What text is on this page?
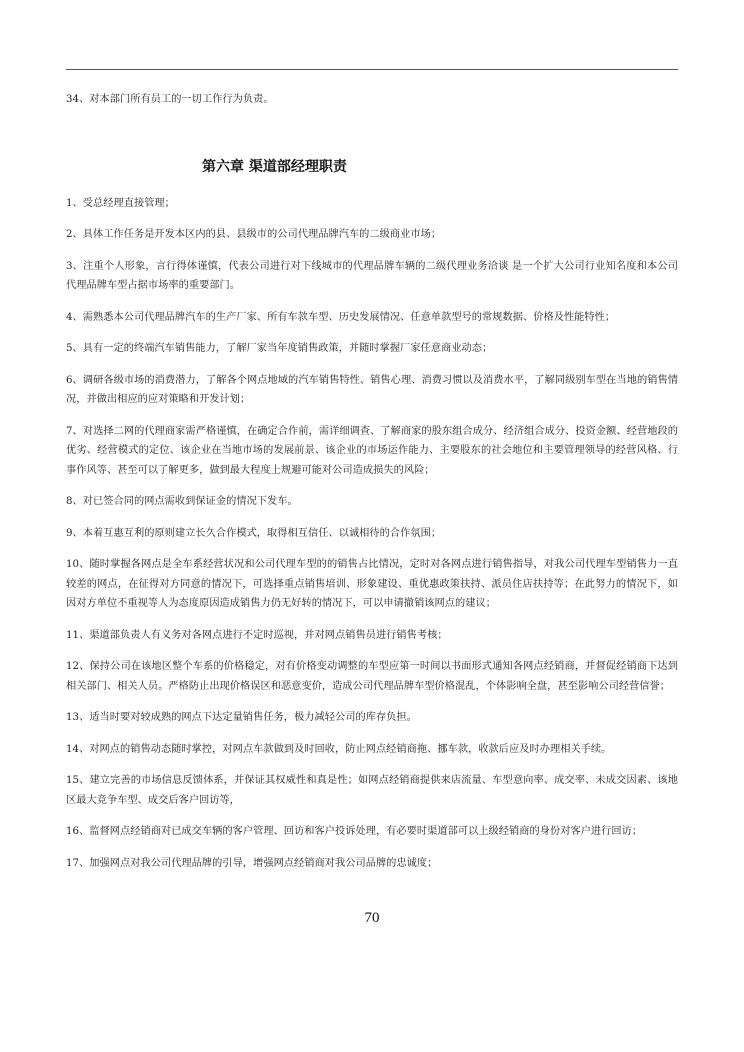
34、对本部门所有员工的一切工作行为负责。

第六章 渠道部经理职责

1、受总经理直接管理；

2、具体工作任务是开发本区内的县、县级市的公司代理品牌汽车的二级商业市场；

3、注重个人形象，言行得体谨慎，代表公司进行对下线城市的代理品牌车辆的二级代理业务洽谈 是一个扩大公司行业知名度和本公司代理品牌车型占据市场率的重要部门。

4、需熟悉本公司代理品牌汽车的生产厂家、所有车款车型、历史发展情况、任意单款型号的常规数据、价格及性能特性；

5、具有一定的终端汽车销售能力，了解厂家当年度销售政策，并随时掌握厂家任意商业动态；

6、调研各级市场的消费潜力，了解各个网点地域的汽车销售特性、销售心理、消费习惯以及消费水平，了解同级别车型在当地的销售情况，并做出相应的应对策略和开发计划；

7、对选择二网的代理商家需严格谨慎，在确定合作前，需详细调查、了解商家的股东组合成分、经济组合成分、投资金额、经营地段的优劣、经营模式的定位、该企业在当地市场的发展前景、该企业的市场运作能力、主要股东的社会地位和主要管理领导的经营风格、行事作风等、甚至可以了解更多，做到最大程度上规避可能对公司造成损失的风险；

8、对已签合同的网点需收到保证金的情况下发车。

9、本着互惠互利的原则建立长久合作模式，取得相互信任、以诚相待的合作氛围；

10、随时掌握各网点是全车系经营状况和公司代理车型的的销售占比情况，定时对各网点进行销售指导，对我公司代理车型销售力一直较差的网点，在征得对方同意的情况下，可选择重点销售培训、形象建设、重优惠政策扶持、派员住店扶持等；在此努力的情况下，如因对方单位不重视等人为态度原因造成销售力仍无好转的情况下，可以申请撤销该网点的建议；

11、渠道部负责人有义务对各网点进行不定时巡视，并对网点销售员进行销售考核；

12、保持公司在该地区整个车系的价格稳定，对有价格变动调整的车型应第一时间以书面形式通知各网点经销商，并督促经销商下达到相关部门、相关人员。严格防止出现价格误区和恶意变价，造成公司代理品牌车型价格混乱，个体影响全盘，甚至影响公司经营信誉；

13、适当时要对较成熟的网点下达定量销售任务，极力减轻公司的库存负担。

14、对网点的销售动态随时掌控，对网点车款做到及时回收，防止网点经销商拖、挪车款，收款后应及时办理相关手续。

15、建立完善的市场信息反馈体系，并保证其权威性和真是性；如网点经销商提供来店流量、车型意向率、成交率、未成交因素、该地区最大竞争车型、成交后客户回访等，

16、监督网点经销商对已成交车辆的客户管理、回访和客户投诉处理，有必要时渠道部可以上级经销商的身份对客户进行回访；

17、加强网点对我公司代理品牌的引导，增强网点经销商对我公司品牌的忠诚度；

70
